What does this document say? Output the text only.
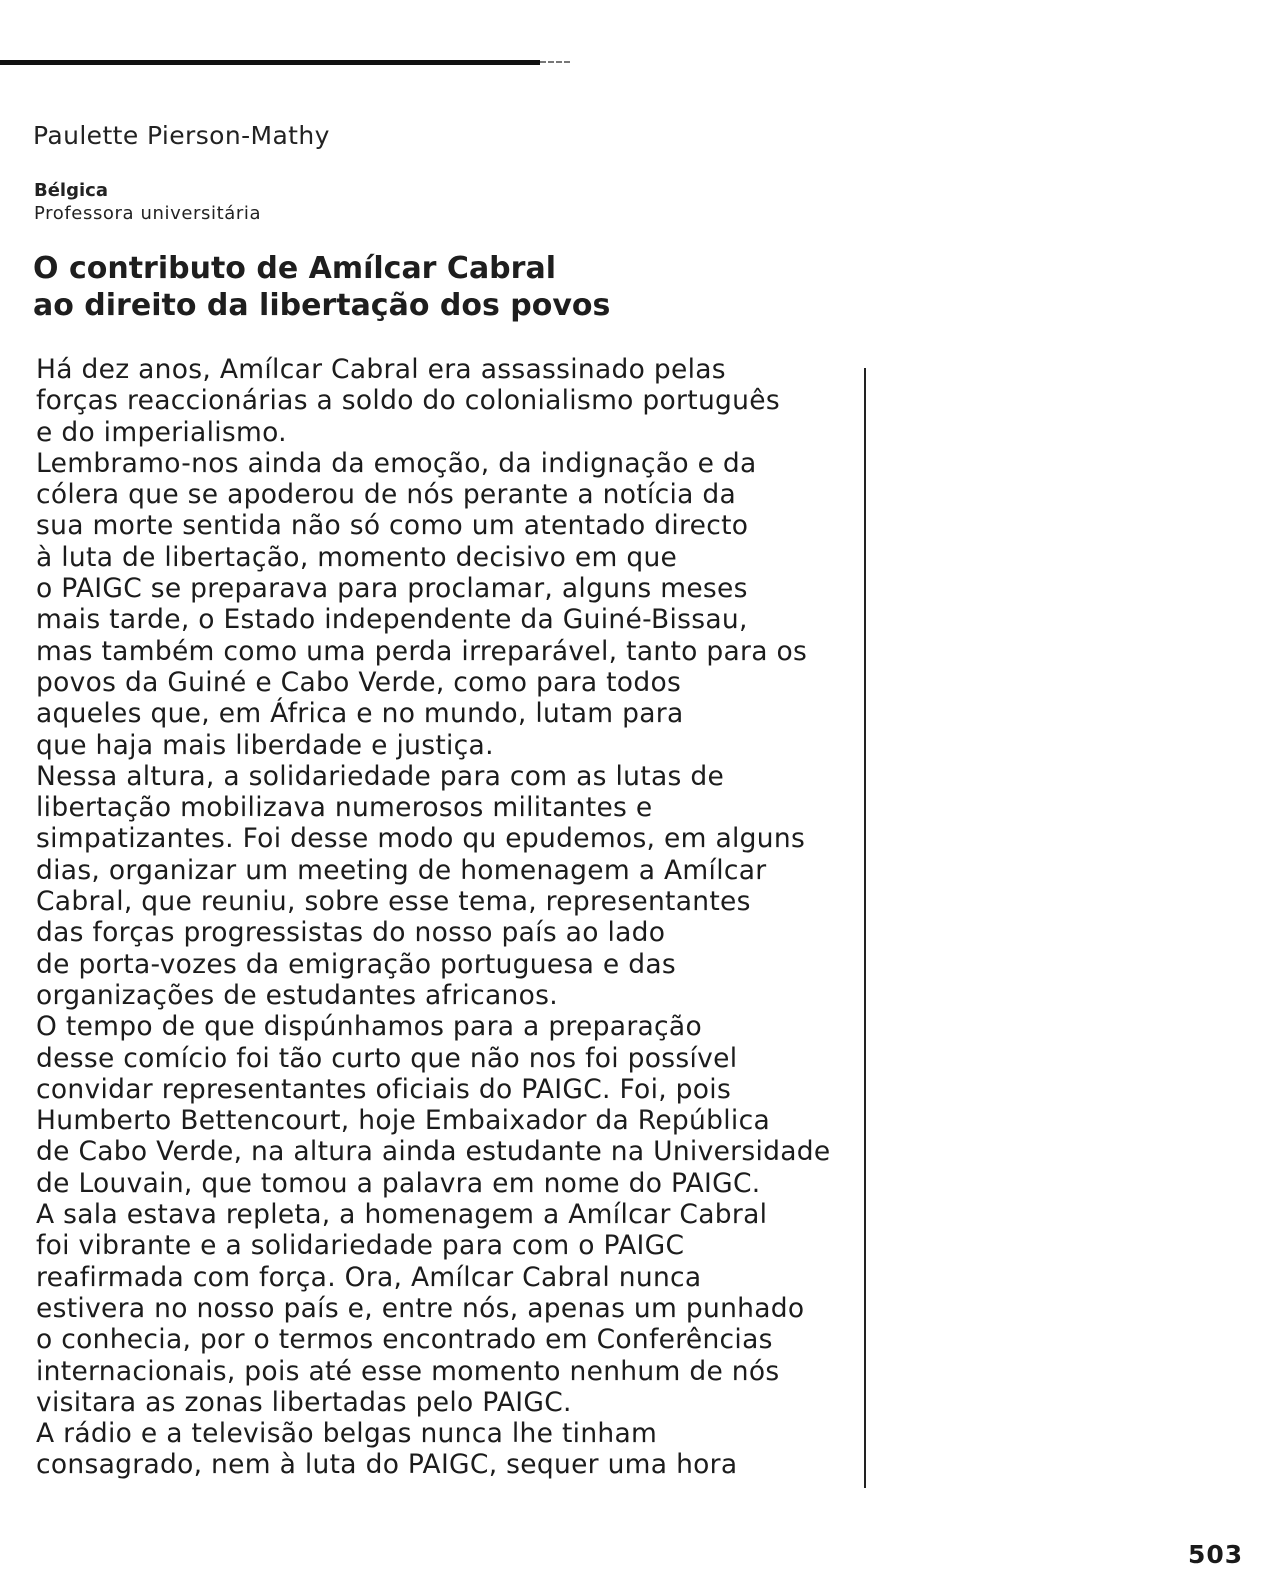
Paulette Pierson-Mathy
Bélgica
Professora universitária
O contributo de Amílcar Cabral
ao direito da libertação dos povos
Há dez anos, Amílcar Cabral era assassinado pelas
forças reaccionárias a soldo do colonialismo português
e do imperialismo.
Lembramo-nos ainda da emoção, da indignação e da
cólera que se apoderou de nós perante a notícia da
sua morte sentida não só como um atentado directo
à luta de libertação, momento decisivo em que
o PAIGC se preparava para proclamar, alguns meses
mais tarde, o Estado independente da Guiné-Bissau,
mas também como uma perda irreparável, tanto para os
povos da Guiné e Cabo Verde, como para todos
aqueles que, em África e no mundo, lutam para
que haja mais liberdade e justiça.
Nessa altura, a solidariedade para com as lutas de
libertação mobilizava numerosos militantes e
simpatizantes. Foi desse modo qu epudemos, em alguns
dias, organizar um meeting de homenagem a Amílcar
Cabral, que reuniu, sobre esse tema, representantes
das forças progressistas do nosso país ao lado
de porta-vozes da emigração portuguesa e das
organizações de estudantes africanos.
O tempo de que dispúnhamos para a preparação
desse comício foi tão curto que não nos foi possível
convidar representantes oficiais do PAIGC. Foi, pois
Humberto Bettencourt, hoje Embaixador da República
de Cabo Verde, na altura ainda estudante na Universidade
de Louvain, que tomou a palavra em nome do PAIGC.
A sala estava repleta, a homenagem a Amílcar Cabral
foi vibrante e a solidariedade para com o PAIGC
reafirmada com força. Ora, Amílcar Cabral nunca
estivera no nosso país e, entre nós, apenas um punhado
o conhecia, por o termos encontrado em Conferências
internacionais, pois até esse momento nenhum de nós
visitara as zonas libertadas pelo PAIGC.
A rádio e a televisão belgas nunca lhe tinham
consagrado, nem à luta do PAIGC, sequer uma hora
503
